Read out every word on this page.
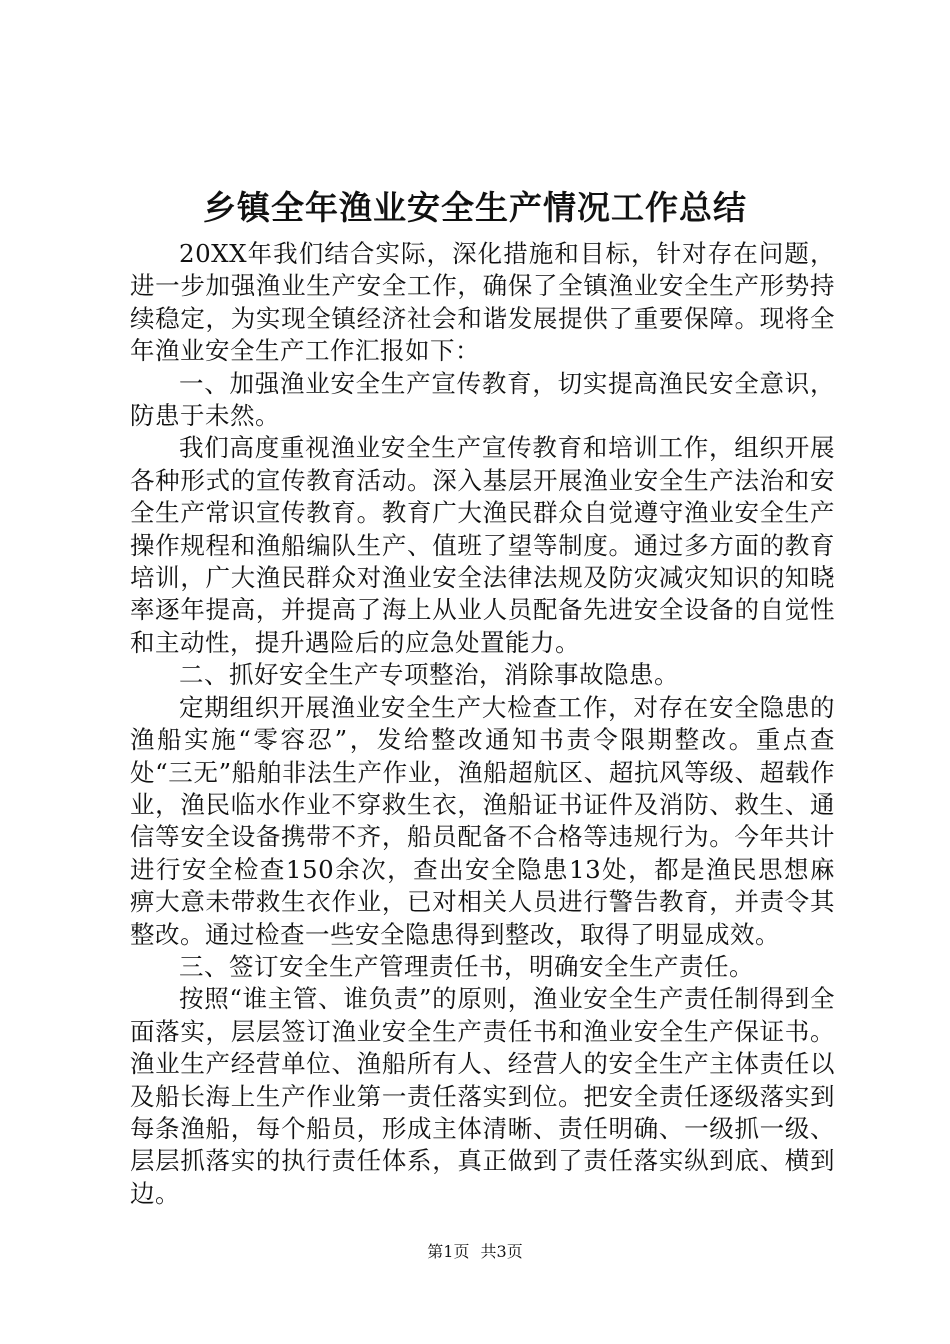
乡镇全年渔业安全生产情况工作总结

20XX年我们结合实际，深化措施和目标，针对存在问题，进一步加强渔业生产安全工作，确保了全镇渔业安全生产形势持续稳定，为实现全镇经济社会和谐发展提供了重要保障。现将全年渔业安全生产工作汇报如下：

一、加强渔业安全生产宣传教育，切实提高渔民安全意识，防患于未然。

我们高度重视渔业安全生产宣传教育和培训工作，组织开展各种形式的宣传教育活动。深入基层开展渔业安全生产法治和安全生产常识宣传教育。教育广大渔民群众自觉遵守渔业安全生产操作规程和渔船编队生产、值班了望等制度。通过多方面的教育培训，广大渔民群众对渔业安全法律法规及防灾减灾知识的知晓率逐年提高，并提高了海上从业人员配备先进安全设备的自觉性和主动性，提升遇险后的应急处置能力。

二、抓好安全生产专项整治，消除事故隐患。

定期组织开展渔业安全生产大检查工作，对存在安全隐患的渔船实施“零容忍”，发给整改通知书责令限期整改。重点查处“三无”船舶非法生产作业，渔船超航区、超抗风等级、超载作业，渔民临水作业不穿救生衣，渔船证书证件及消防、救生、通信等安全设备携带不齐，船员配备不合格等违规行为。今年共计进行安全检查150余次，查出安全隐患13处，都是渔民思想麻痹大意未带救生衣作业，已对相关人员进行警告教育，并责令其整改。通过检查一些安全隐患得到整改，取得了明显成效。

三、签订安全生产管理责任书，明确安全生产责任。

按照“谁主管、谁负责”的原则，渔业安全生产责任制得到全面落实，层层签订渔业安全生产责任书和渔业安全生产保证书。渔业生产经营单位、渔船所有人、经营人的安全生产主体责任以及船长海上生产作业第一责任落实到位。把安全责任逐级落实到每条渔船，每个船员，形成主体清晰、责任明确、一级抓一级、层层抓落实的执行责任体系，真正做到了责任落实纵到底、横到边。

第1页 共3页
